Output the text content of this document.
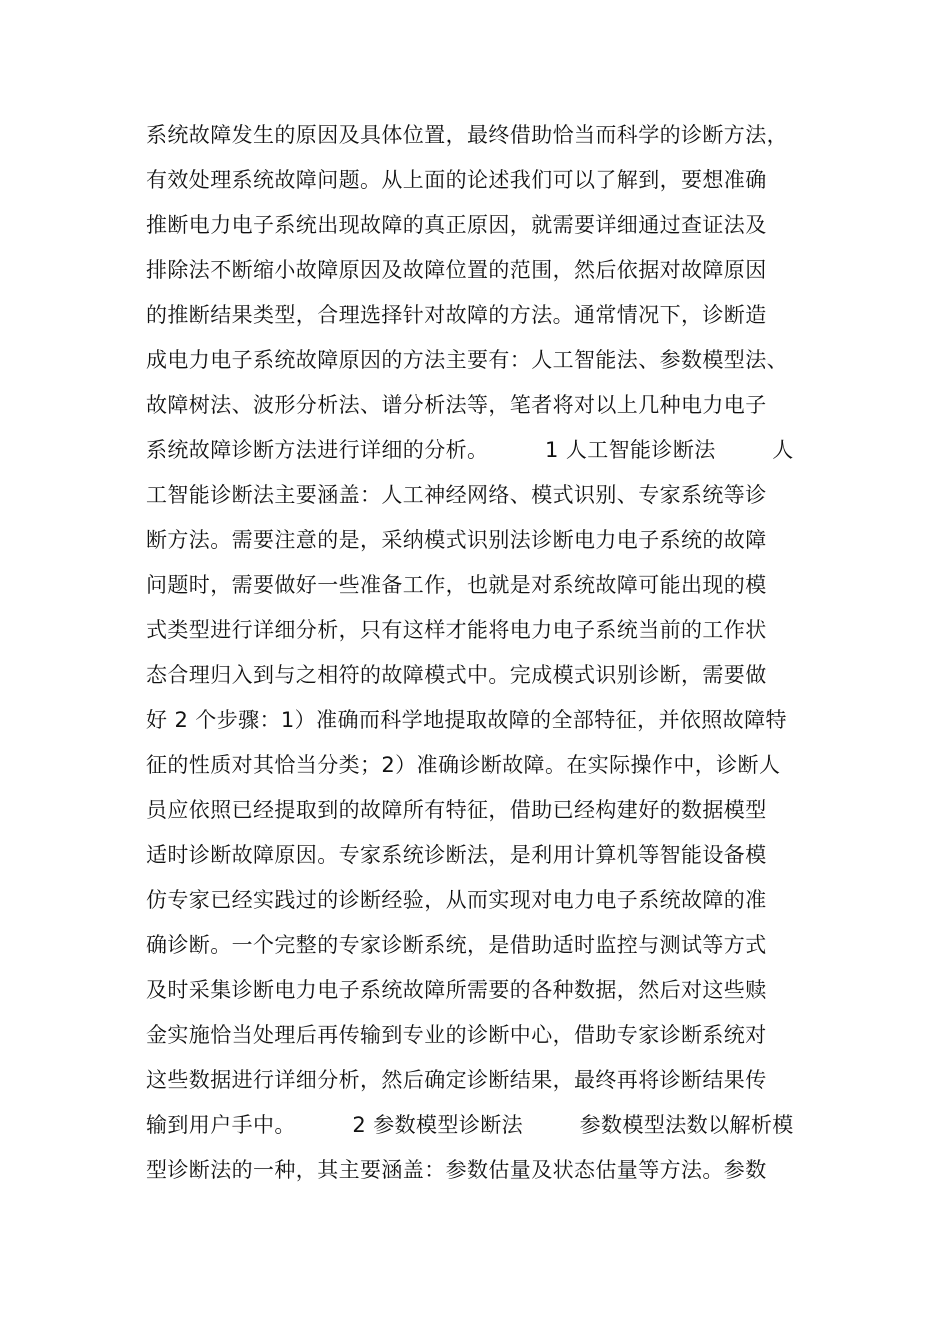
系统故障发生的原因及具体位置，最终借助恰当而科学的诊断方法，
有效处理系统故障问题。从上面的论述我们可以了解到，要想准确
推断电力电子系统出现故障的真正原因，就需要详细通过查证法及
排除法不断缩小故障原因及故障位置的范围，然后依据对故障原因
的推断结果类型，合理选择针对故障的方法。通常情况下，诊断造
成电力电子系统故障原因的方法主要有：人工智能法、参数模型法、
故障树法、波形分析法、谱分析法等，笔者将对以上几种电力电子
系统故障诊断方法进行详细的分析。        1 人工智能诊断法        人
工智能诊断法主要涵盖：人工神经网络、模式识别、专家系统等诊
断方法。需要注意的是，采纳模式识别法诊断电力电子系统的故障
问题时，需要做好一些准备工作，也就是对系统故障可能出现的模
式类型进行详细分析，只有这样才能将电力电子系统当前的工作状
态合理归入到与之相符的故障模式中。完成模式识别诊断，需要做
好 2 个步骤：1）准确而科学地提取故障的全部特征，并依照故障特
征的性质对其恰当分类；2）准确诊断故障。在实际操作中，诊断人
员应依照已经提取到的故障所有特征，借助已经构建好的数据模型
适时诊断故障原因。专家系统诊断法，是利用计算机等智能设备模
仿专家已经实践过的诊断经验，从而实现对电力电子系统故障的准
确诊断。一个完整的专家诊断系统，是借助适时监控与测试等方式
及时采集诊断电力电子系统故障所需要的各种数据，然后对这些赎
金实施恰当处理后再传输到专业的诊断中心，借助专家诊断系统对
这些数据进行详细分析，然后确定诊断结果，最终再将诊断结果传
输到用户手中。        2 参数模型诊断法        参数模型法数以解析模
型诊断法的一种，其主要涵盖：参数估量及状态估量等方法。参数
